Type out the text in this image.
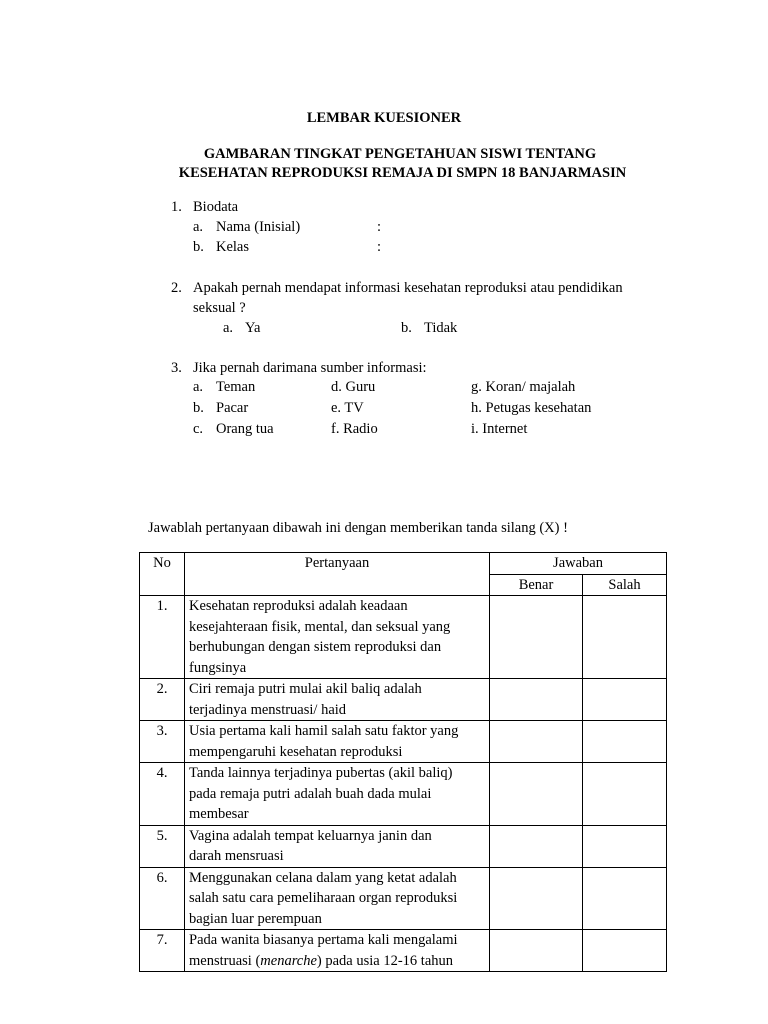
LEMBAR KUESIONER
GAMBARAN TINGKAT PENGETAHUAN SISWI TENTANG
KESEHATAN REPRODUKSI REMAJA DI SMPN 18 BANJARMASIN
1. Biodata
a. Nama (Inisial)	:
b. Kelas	:
2. Apakah pernah mendapat informasi kesehatan reproduksi atau pendidikan
seksual ?
a. Ya	b. Tidak
3. Jika pernah darimana sumber informasi:
a. Teman
b. Pacar
c. Orang tua
d. Guru
e. TV
f. Radio
g. Koran/ majalah
h. Petugas kesehatan
i. Internet
Jawablah pertanyaan dibawah ini dengan memberikan tanda silang (X) !
No	Pertanyaan	Jawaban	
		Benar	Salah
1.	Kesehatan reproduksi adalah keadaan
kesejahteraan fisik, mental, dan seksual yang
berhubungan dengan sistem reproduksi dan
fungsinya		

2.	Ciri remaja putri mulai akil baliq adalah
terjadinya menstruasi/ haid		

3.	Usia pertama kali hamil salah satu faktor yang
mempengaruhi kesehatan reproduksi		

4.	Tanda lainnya terjadinya pubertas (akil baliq)
pada remaja putri adalah buah dada mulai
membesar		

5.	Vagina adalah tempat keluarnya janin dan
darah mensruasi		

6.	Menggunakan celana dalam yang ketat adalah
salah satu cara pemeliharaan organ reproduksi
bagian luar perempuan		

7.	Pada wanita biasanya pertama kali mengalami
menstruasi (menarche) pada usia 12-16 tahun		
